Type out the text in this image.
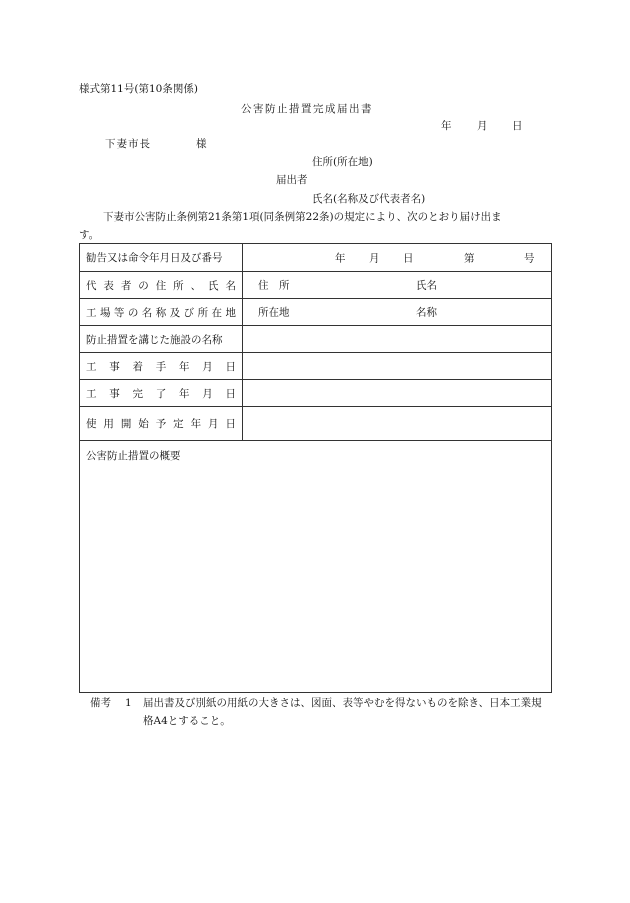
様式第11号(第10条関係)
公害防止措置完成届出書
年 月 日
下妻市長	様
住所(所在地)
届出者
氏名(名称及び代表者名)
下妻市公害防止条例第21条第1項(同条例第22条)の規定により、次のとおり届け出ま
す。
勧告又は命令年月日及び番号	年 月 日 第 号

代表者の住所、氏名	住　所 氏名

工場等の名称及び所在地	所在地 名称

防止措置を講じた施設の名称	
工事着手年月日	
工事完了年月日	
使用開始予定年月日	
公害防止措置の概要	
備考 1 届出書及び別紙の用紙の大きさは、図面、表等やむを得ないものを除き、日本工業規格A4とすること。
